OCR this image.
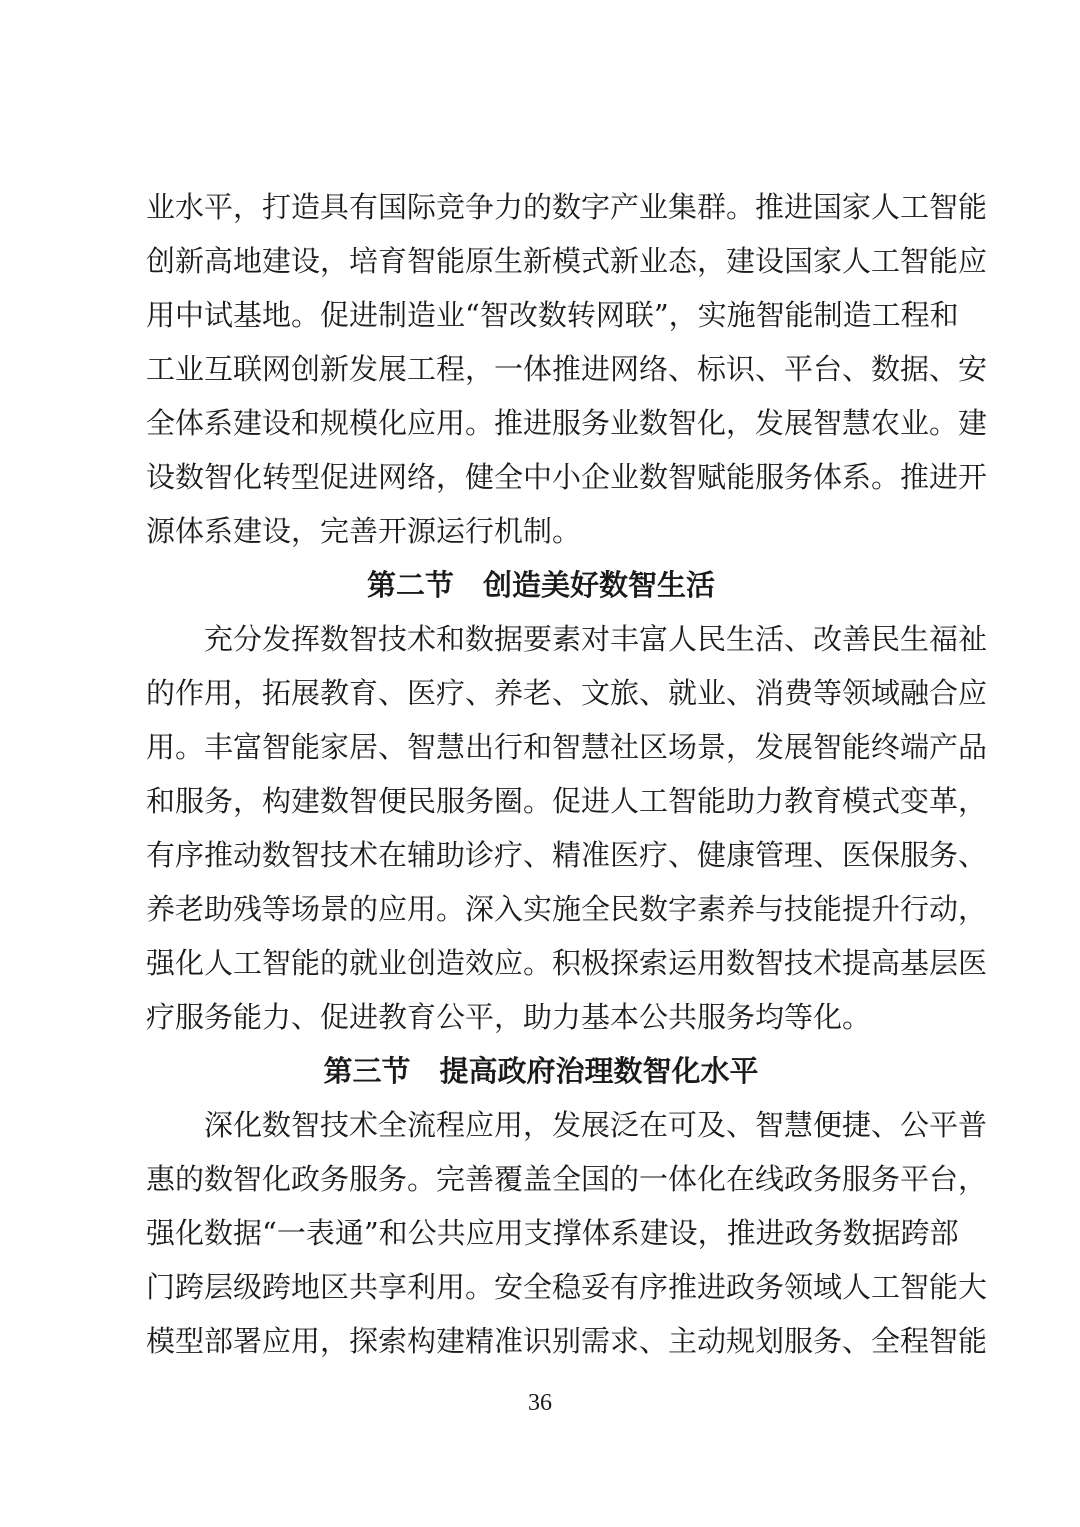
业水平，打造具有国际竞争力的数字产业集群。推进国家人工智能
创新高地建设，培育智能原生新模式新业态，建设国家人工智能应
用中试基地。促进制造业“智改数转网联”，实施智能制造工程和
工业互联网创新发展工程，一体推进网络、标识、平台、数据、安
全体系建设和规模化应用。推进服务业数智化，发展智慧农业。建
设数智化转型促进网络，健全中小企业数智赋能服务体系。推进开
源体系建设，完善开源运行机制。
第二节　创造美好数智生活
　　充分发挥数智技术和数据要素对丰富人民生活、改善民生福祉
的作用，拓展教育、医疗、养老、文旅、就业、消费等领域融合应
用。丰富智能家居、智慧出行和智慧社区场景，发展智能终端产品
和服务，构建数智便民服务圈。促进人工智能助力教育模式变革，
有序推动数智技术在辅助诊疗、精准医疗、健康管理、医保服务、
养老助残等场景的应用。深入实施全民数字素养与技能提升行动，
强化人工智能的就业创造效应。积极探索运用数智技术提高基层医
疗服务能力、促进教育公平，助力基本公共服务均等化。
第三节　提高政府治理数智化水平
　　深化数智技术全流程应用，发展泛在可及、智慧便捷、公平普
惠的数智化政务服务。完善覆盖全国的一体化在线政务服务平台，
强化数据“一表通”和公共应用支撑体系建设，推进政务数据跨部
门跨层级跨地区共享利用。安全稳妥有序推进政务领域人工智能大
模型部署应用，探索构建精准识别需求、主动规划服务、全程智能
36
